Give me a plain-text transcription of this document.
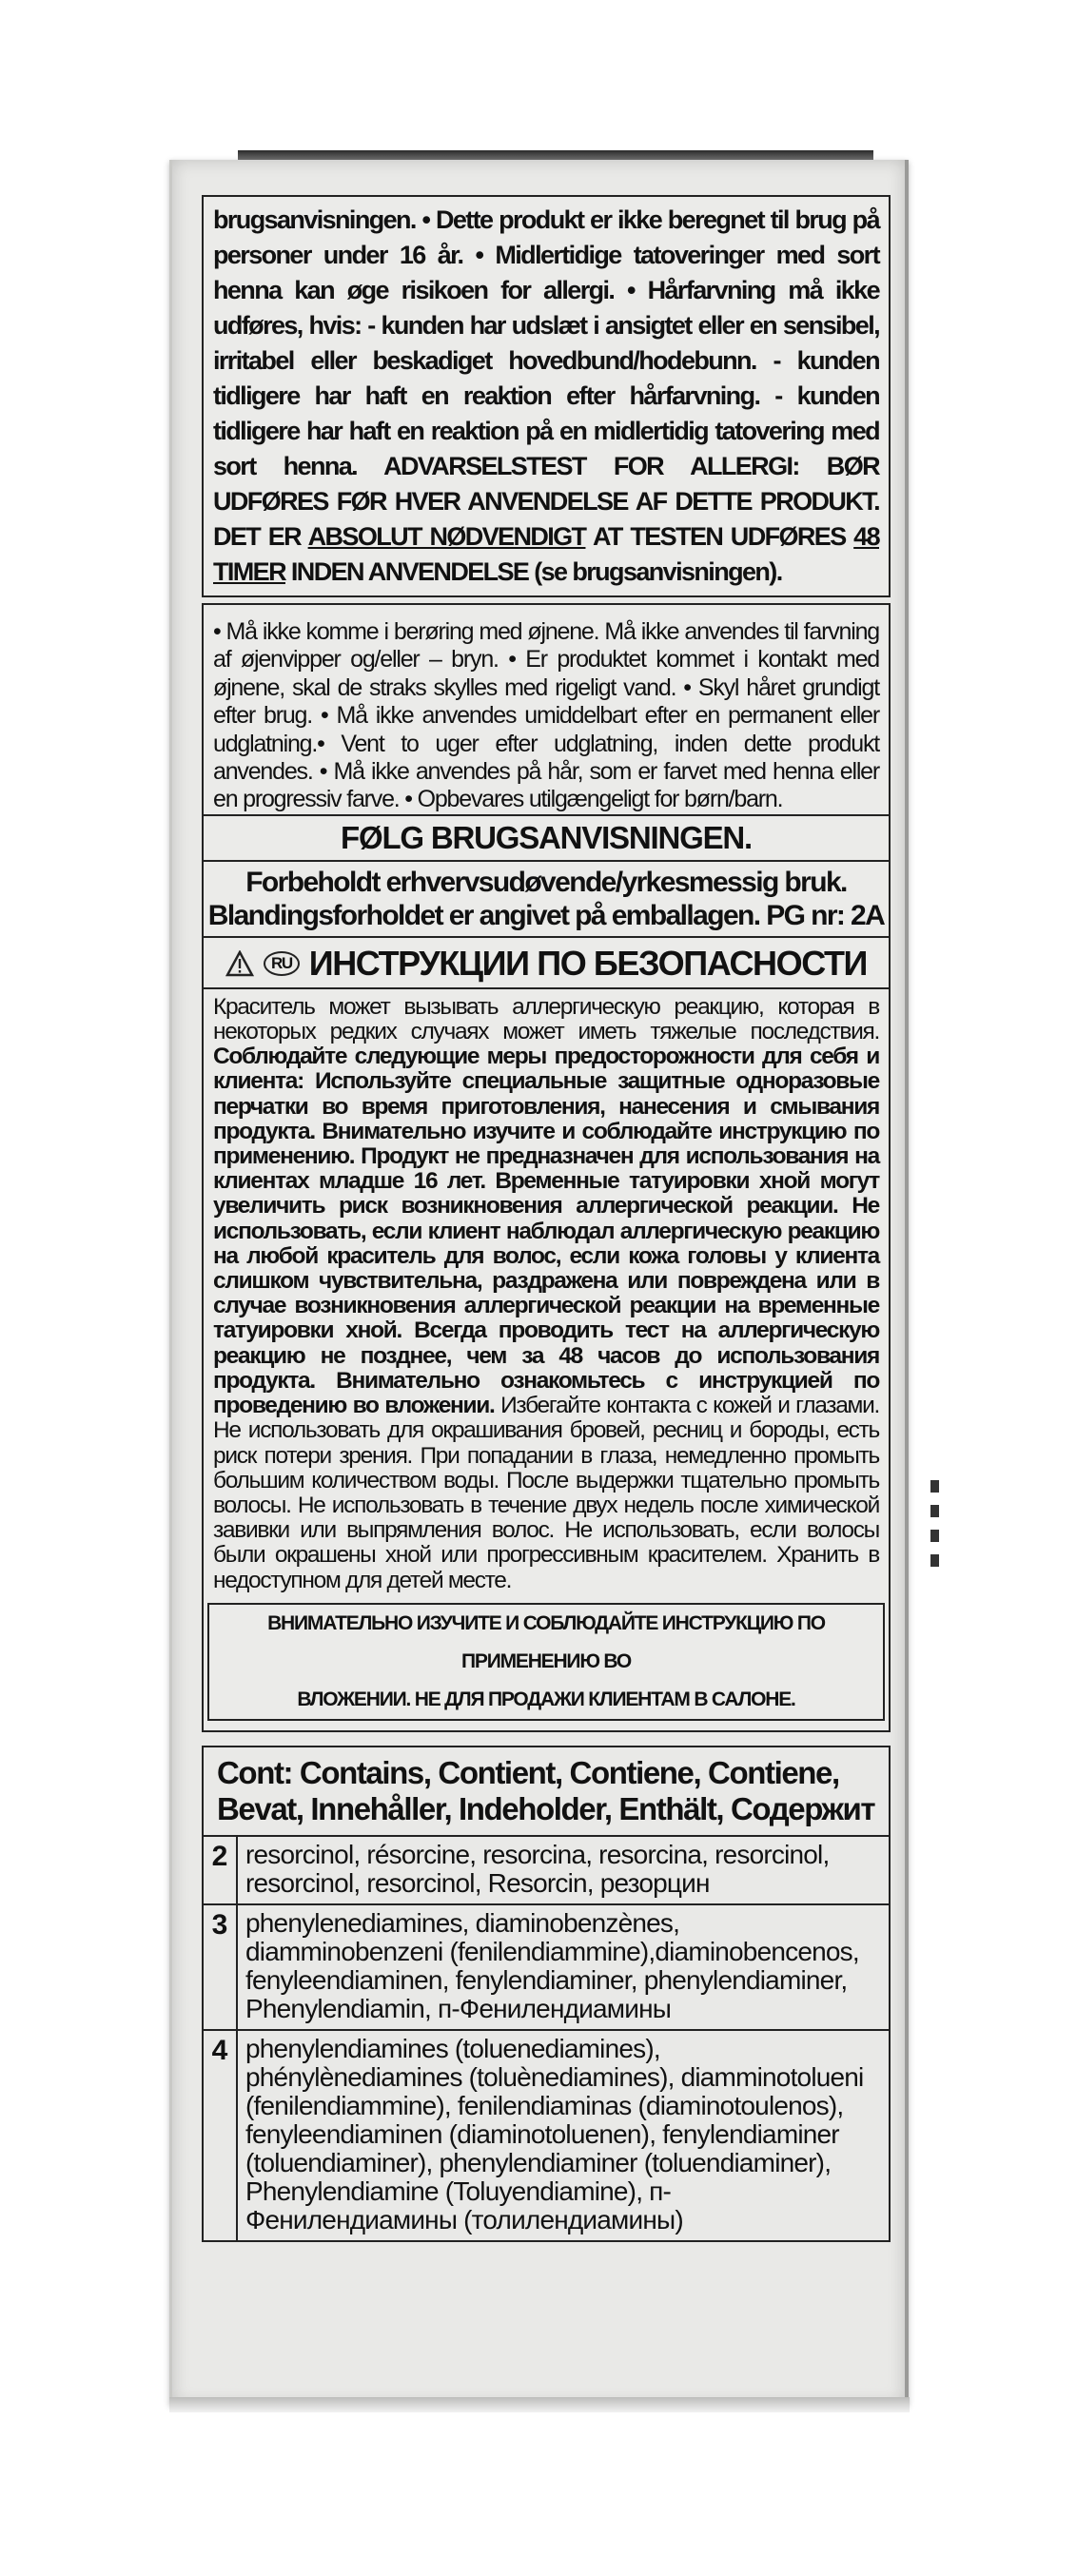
brugsanvisningen. • Dette produkt er ikke beregnet til brug på personer under 16 år. • Midlertidige tatoveringer med sort henna kan øge risikoen for allergi. • Hårfarvning må ikke udføres, hvis: - kunden har udslæt i ansigtet eller en sensibel, irritabel eller beskadiget hovedbund/hodebunn. - kunden tidligere har haft en reaktion efter hårfarvning. - kunden tidligere har haft en reaktion på en midlertidig tatovering med sort henna. ADVARSELSTEST FOR ALLERGI: BØR UDFØRES FØR HVER ANVENDELSE AF DETTE PRODUKT. DET ER ABSOLUT NØDVENDIGT AT TESTEN UDFØRES 48 TIMER INDEN ANVENDELSE (se brugsanvisningen).
• Må ikke komme i berøring med øjnene. Må ikke anvendes til farvning af øjenvipper og/eller – bryn. • Er produktet kommet i kontakt med øjnene, skal de straks skylles med rigeligt vand. • Skyl håret grundigt efter brug. • Må ikke anvendes umiddelbart efter en permanent eller udglatning.• Vent to uger efter udglatning, inden dette produkt anvendes. • Må ikke anvendes på hår, som er farvet med henna eller en progressiv farve. • Opbevares utilgængeligt for børn/barn.
FØLG BRUGSANVISNINGEN.
Forbeholdt erhvervsudøvende/yrkesmessig bruk.
Blandingsforholdet er angivet på emballagen. PG nr: 2A
RU ИНСТРУКЦИИ ПО БЕЗОПАСНОСТИ
Краситель может вызывать аллергическую реакцию, которая в некоторых редких случаях может иметь тяжелые последствия. Соблюдайте следующие меры предосторожности для себя и клиента: Используйте специальные защитные одноразовые перчатки во время приготовления, нанесения и смывания продукта. Внимательно изучите и соблюдайте инструкцию по применению. Продукт не предназначен для использования на клиентах младше 16 лет. Временные татуировки хной могут увеличить риск возникновения аллергической реакции. Не использовать, если клиент наблюдал аллергическую реакцию на любой краситель для волос, если кожа головы у клиента слишком чувствительна, раздражена или повреждена или в случае возникновения аллергической реакции на временные татуировки хной. Всегда проводить тест на аллергическую реакцию не позднее, чем за 48 часов до использования продукта. Внимательно ознакомьтесь с инструкцией по проведению во вложении. Избегайте контакта с кожей и глазами. Не использовать для окрашивания бровей, ресниц и бороды, есть риск потери зрения. При попадании в глаза, немедленно промыть большим количеством воды. После выдержки тщательно промыть волосы. Не использовать в течение двух недель после химической завивки или выпрямления волос. Не использовать, если волосы были окрашены хной или прогрессивным красителем. Хранить в недоступном для детей месте.
ВНИМАТЕЛЬНО ИЗУЧИТЕ И СОБЛЮДАЙТЕ ИНСТРУКЦИЮ ПО ПРИМЕНЕНИЮ ВО
ВЛОЖЕНИИ. НЕ ДЛЯ ПРОДАЖИ КЛИЕНТАМ В САЛОНЕ.
Cont: Contains, Contient, Contiene, Contiene, Bevat, Innehåller, Indeholder, Enthält, Содержит
2 resorcinol, résorcine, resorcina, resorcina, resorcinol, resorcinol, resorcinol, Resorcin, резорцин
3 phenylenediamines, diaminobenzènes, diamminobenzeni (fenilendiammine),diaminobencenos, fenyleendiaminen, fenylendiaminer, phenylendiaminer, Phenylendiamin, п-Фенилендиамины
4 phenylendiamines (toluenediamines), phénylènediamines (toluènediamines), diamminotolueni (fenilendiammine), fenilendiaminas (diaminotoulenos), fenyleendiaminen (diaminotoluenen), fenylendiaminer (toluendiaminer), phenylendiaminer (toluendiaminer), Phenylendiamine (Toluyendiamine), п-Фенилендиамины (толилендиамины)
